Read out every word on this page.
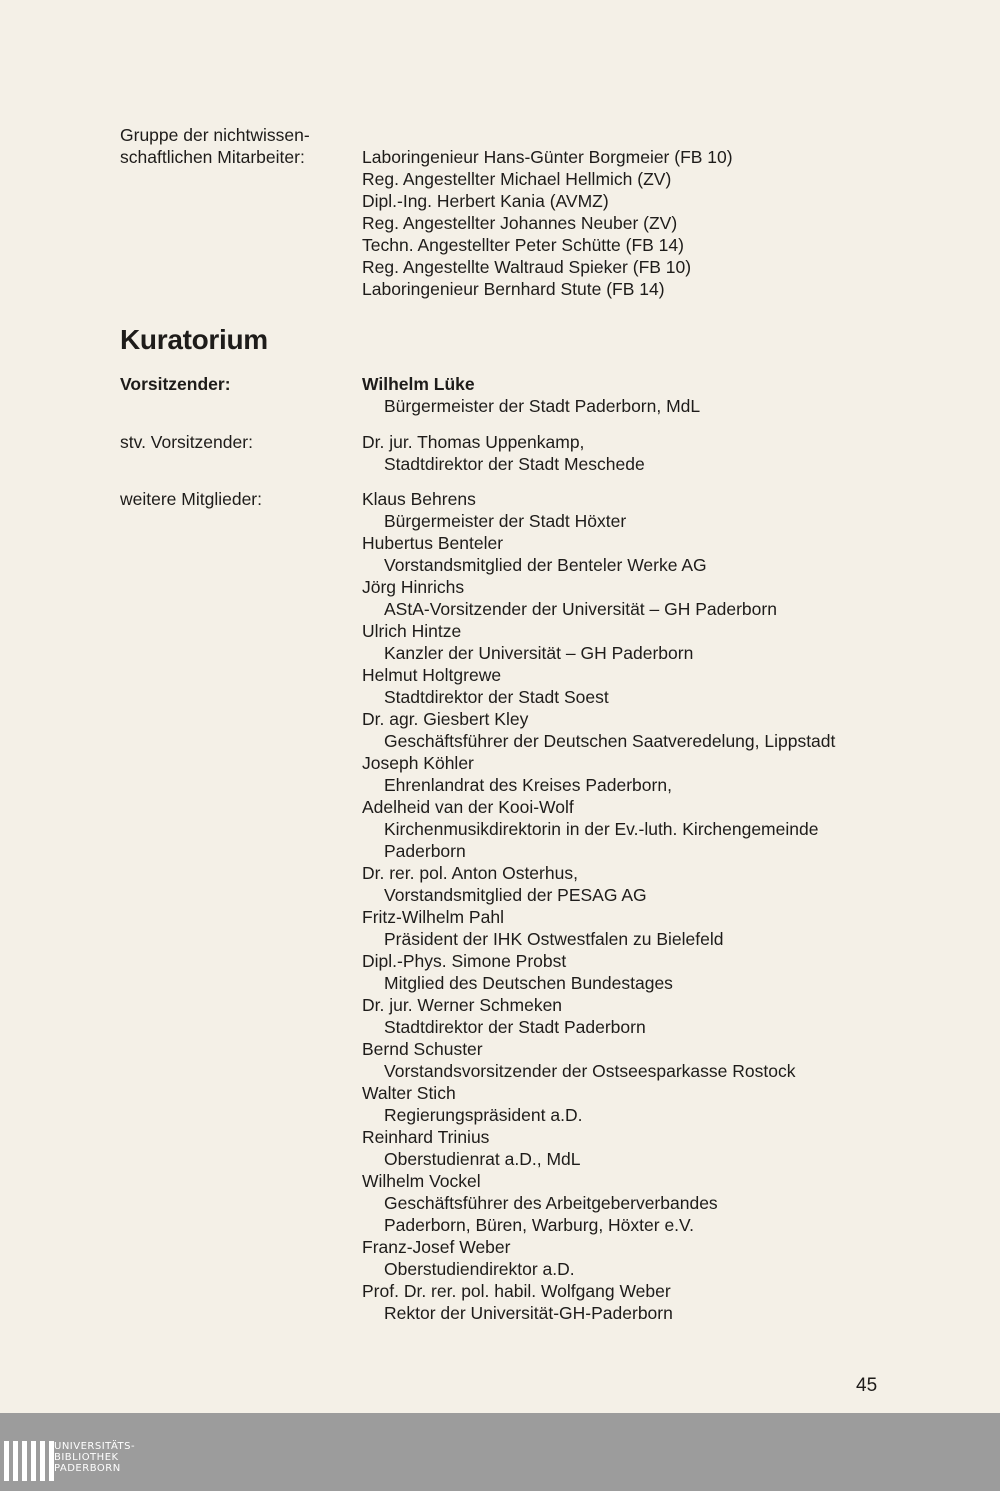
Gruppe der nichtwissen-
schaftlichen Mitarbeiter:	Laboringenieur Hans-Günter Borgmeier (FB 10)
Reg. Angestellter Michael Hellmich (ZV)
Dipl.-Ing. Herbert Kania (AVMZ)
Reg. Angestellter Johannes Neuber (ZV)
Techn. Angestellter Peter Schütte (FB 14)
Reg. Angestellte Waltraud Spieker (FB 10)
Laboringenieur Bernhard Stute (FB 14)
Kuratorium
Vorsitzender:	Wilhelm Lüke
Bürgermeister der Stadt Paderborn, MdL
stv. Vorsitzender:	Dr. jur. Thomas Uppenkamp,
Stadtdirektor der Stadt Meschede
weitere Mitglieder:	Klaus Behrens
Bürgermeister der Stadt Höxter
Hubertus Benteler
Vorstandsmitglied der Benteler Werke AG
Jörg Hinrichs
AStA-Vorsitzender der Universität – GH Paderborn
Ulrich Hintze
Kanzler der Universität – GH Paderborn
Helmut Holtgrewe
Stadtdirektor der Stadt Soest
Dr. agr. Giesbert Kley
Geschäftsführer der Deutschen Saatveredelung, Lippstadt
Joseph Köhler
Ehrenlandrat des Kreises Paderborn,
Adelheid van der Kooi-Wolf
Kirchenmusikdirektorin in der Ev.-luth. Kirchengemeinde
Paderborn
Dr. rer. pol. Anton Osterhus,
Vorstandsmitglied der PESAG AG
Fritz-Wilhelm Pahl
Präsident der IHK Ostwestfalen zu Bielefeld
Dipl.-Phys. Simone Probst
Mitglied des Deutschen Bundestages
Dr. jur. Werner Schmeken
Stadtdirektor der Stadt Paderborn
Bernd Schuster
Vorstandsvorsitzender der Ostseesparkasse Rostock
Walter Stich
Regierungspräsident a.D.
Reinhard Trinius
Oberstudienrat a.D., MdL
Wilhelm Vockel
Geschäftsführer des Arbeitgeberverbandes
Paderborn, Büren, Warburg, Höxter e.V.
Franz-Josef Weber
Oberstudiendirektor a.D.
Prof. Dr. rer. pol. habil. Wolfgang Weber
Rektor der Universität-GH-Paderborn
45
UNIVERSITÄTS-
BIBLIOTHEK
PADERBORN
